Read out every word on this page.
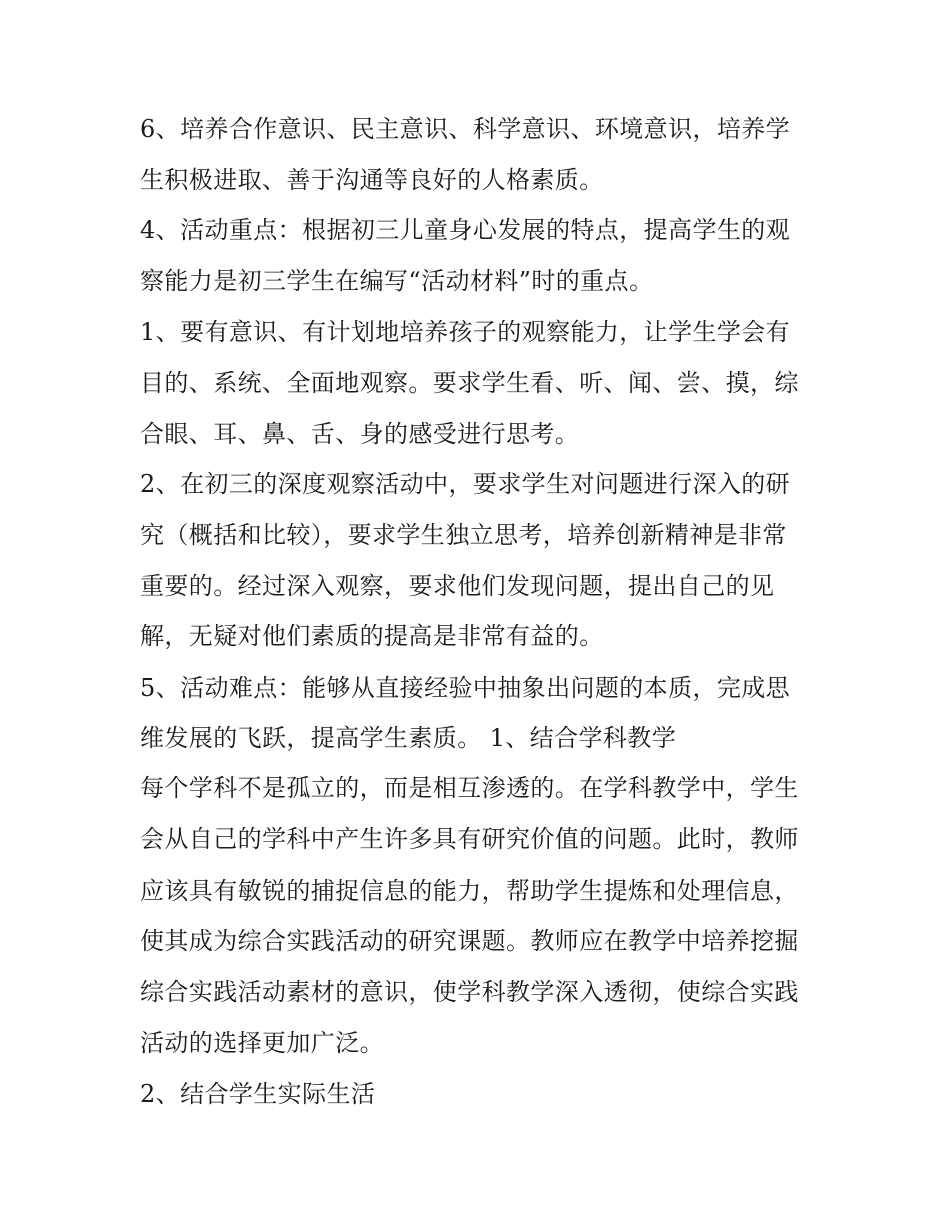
6、培养合作意识、民主意识、科学意识、环境意识，培养学
生积极进取、善于沟通等良好的人格素质。
4、活动重点：根据初三儿童身心发展的特点，提高学生的观
察能力是初三学生在编写“活动材料”时的重点。
1、要有意识、有计划地培养孩子的观察能力，让学生学会有
目的、系统、全面地观察。要求学生看、听、闻、尝、摸，综
合眼、耳、鼻、舌、身的感受进行思考。
2、在初三的深度观察活动中，要求学生对问题进行深入的研
究（概括和比较），要求学生独立思考，培养创新精神是非常
重要的。经过深入观察，要求他们发现问题，提出自己的见
解，无疑对他们素质的提高是非常有益的。
5、活动难点：能够从直接经验中抽象出问题的本质，完成思
维发展的飞跃，提高学生素质。 1、结合学科教学
每个学科不是孤立的，而是相互渗透的。在学科教学中，学生
会从自己的学科中产生许多具有研究价值的问题。此时，教师
应该具有敏锐的捕捉信息的能力，帮助学生提炼和处理信息，
使其成为综合实践活动的研究课题。教师应在教学中培养挖掘
综合实践活动素材的意识，使学科教学深入透彻，使综合实践
活动的选择更加广泛。
2、结合学生实际生活
